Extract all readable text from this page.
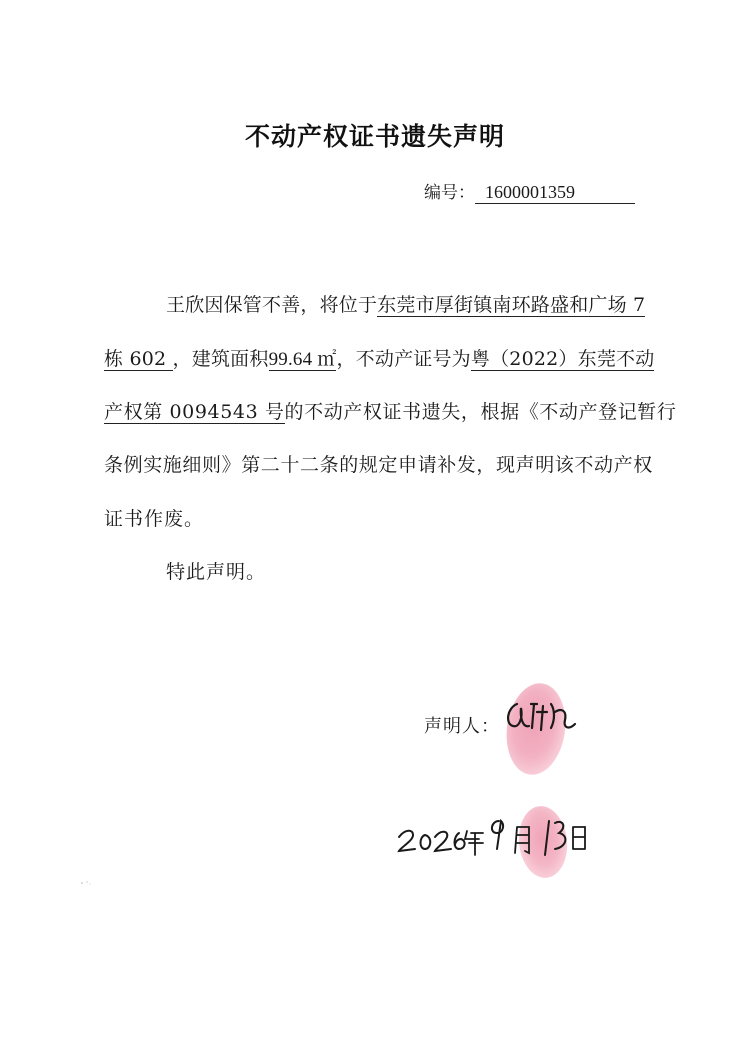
不动产权证书遗失声明
编号： 1600001359
王欣因保管不善，将位于东莞市厚街镇南环路盛和广场 7
栋 602 ，建筑面积99.64 ㎡，不动产证号为粤（2022）东莞不动
产权第 0094543 号的不动产权证书遗失，根据《不动产登记暂行
条例实施细则》第二十二条的规定申请补发，现声明该不动产权
证书作废。
特此声明。
声明人：
